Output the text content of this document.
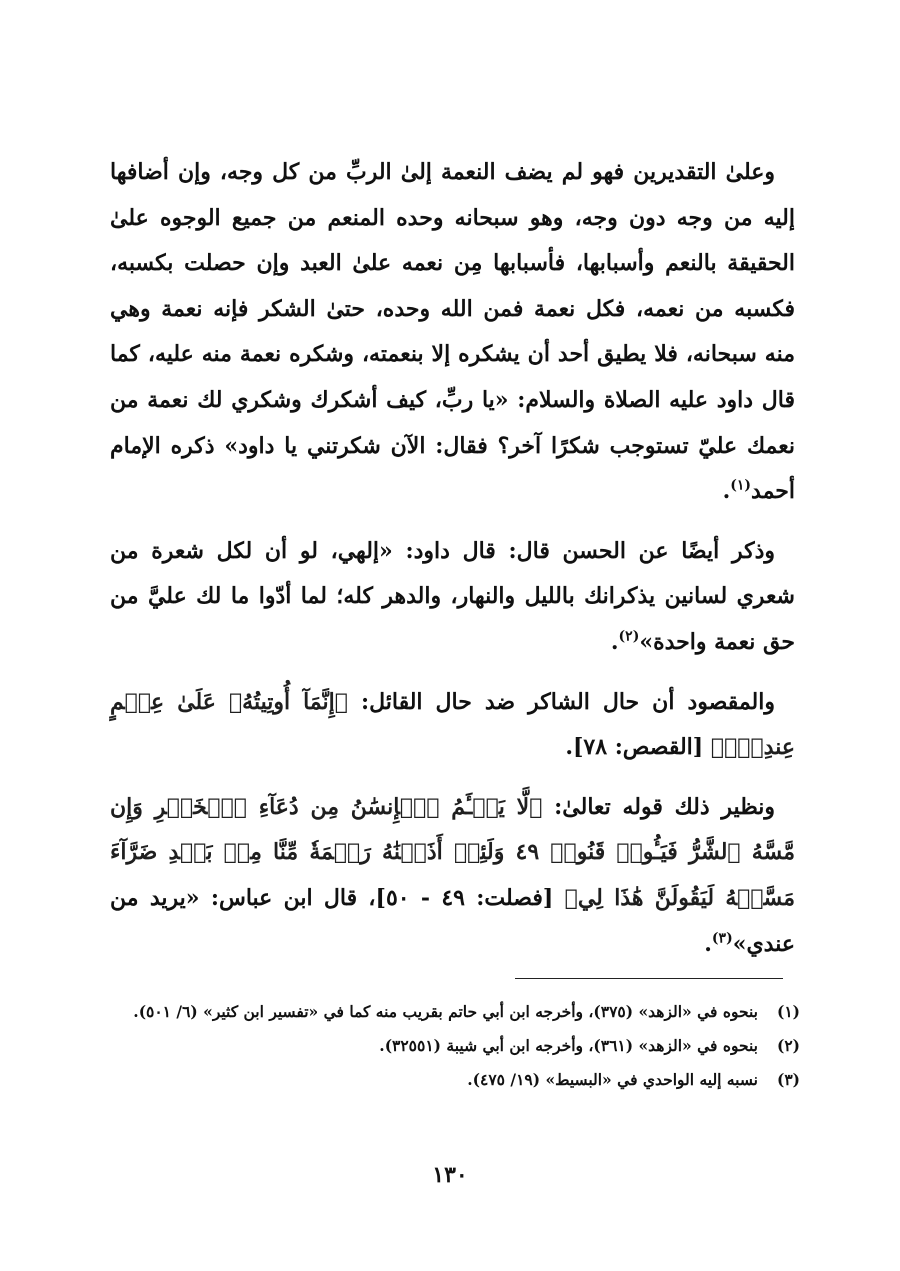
وعلىٰ التقديرين فهو لم يضف النعمة إلىٰ الربِّ من كل وجه، وإن أضافها إليه من وجه دون وجه، وهو سبحانه وحده المنعم من جميع الوجوه علىٰ الحقيقة بالنعم وأسبابها، فأسبابها مِن نعمه علىٰ العبد وإن حصلت بكسبه، فكسبه من نعمه، فكل نعمة فمن الله وحده، حتىٰ الشكر فإنه نعمة وهي منه سبحانه، فلا يطيق أحد أن يشكره إلا بنعمته، وشكره نعمة منه عليه، كما قال داود عليه الصلاة والسلام: «يا ربِّ، كيف أشكرك وشكري لك نعمة من نعمك عليّ تستوجب شكرًا آخر؟ فقال: الآن شكرتني يا داود» ذكره الإمام أحمد$^{(١)}$.

وذكر أيضًا عن الحسن قال: قال داود: «إلهي، لو أن لكل شعرة من شعري لسانين يذكرانك بالليل والنهار، والدهر كله؛ لما أدّوا ما لك عليَّ من حق نعمة واحدة»$^{(٢)}$.

والمقصود أن حال الشاكر ضد حال القائل: ﴿إِنَّمَآ أُوتِيتُهُۥ عَلَىٰ عِلۡمٍ عِندِيٓۚ﴾ [القصص: ٧٨].

ونظير ذلك قوله تعالىٰ: ﴿لَّا يَسۡـَٔمُ ٱلۡإِنسَٰنُ مِن دُعَآءِ ٱلۡخَيۡرِ وَإِن مَّسَّهُ ٱلشَّرُّ فَيَـُٔوسٞ قَنُوطٞ ٤٩ وَلَئِنۡ أَذَقۡنَٰهُ رَحۡمَةٗ مِّنَّا مِنۢ بَعۡدِ ضَرَّآءَ مَسَّتۡهُ لَيَقُولَنَّ هَٰذَا لِي﴾ [فصلت: ٤٩ - ٥٠]، قال ابن عباس: «يريد من عندي»$^{(٣)}$.

(١)
بنحوه في «الزهد» (٣٧٥)، وأخرجه ابن أبي حاتم بقريب منه كما في «تفسير ابن كثير» (٦/ ٥٠١).
(٢)
بنحوه في «الزهد» (٣٦١)، وأخرجه ابن أبي شيبة (٣٢٥٥١).
(٣)
نسبه إليه الواحدي في «البسيط» (١٩/ ٤٧٥).
١٣٠
